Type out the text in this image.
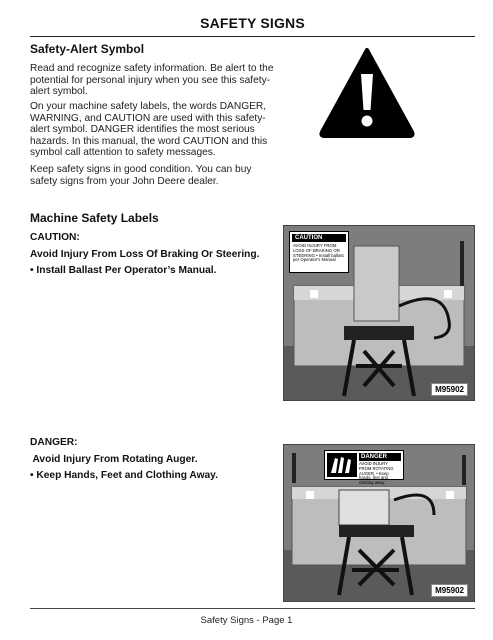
SAFETY SIGNS
Safety-Alert Symbol

Read and recognize safety information. Be alert to the potential for personal injury when you see this safety-alert symbol.

On your machine safety labels, the words DANGER, WARNING, and CAUTION are used with this safety-alert symbol. DANGER identifies the most serious hazards. In this manual, the word CAUTION and this symbol call attention to safety messages.

Keep safety signs in good condition. You can buy safety signs from your John Deere dealer.

Machine Safety Labels
CAUTION:
Avoid Injury From Loss Of Braking Or Steering.
• Install Ballast Per Operator’s Manual.
CAUTION
AVOID INJURY FROM LOSS OF BRAKING OR STEERING • Install ballast per Operator's Manual
M95902
DANGER:
Avoid Injury From Rotating Auger.
• Keep Hands, Feet and Clothing Away.
DANGER
AVOID INJURY FROM ROTATING AUGER. • Keep hands, feet and clothing away.
M95902
Safety Signs - Page 1
